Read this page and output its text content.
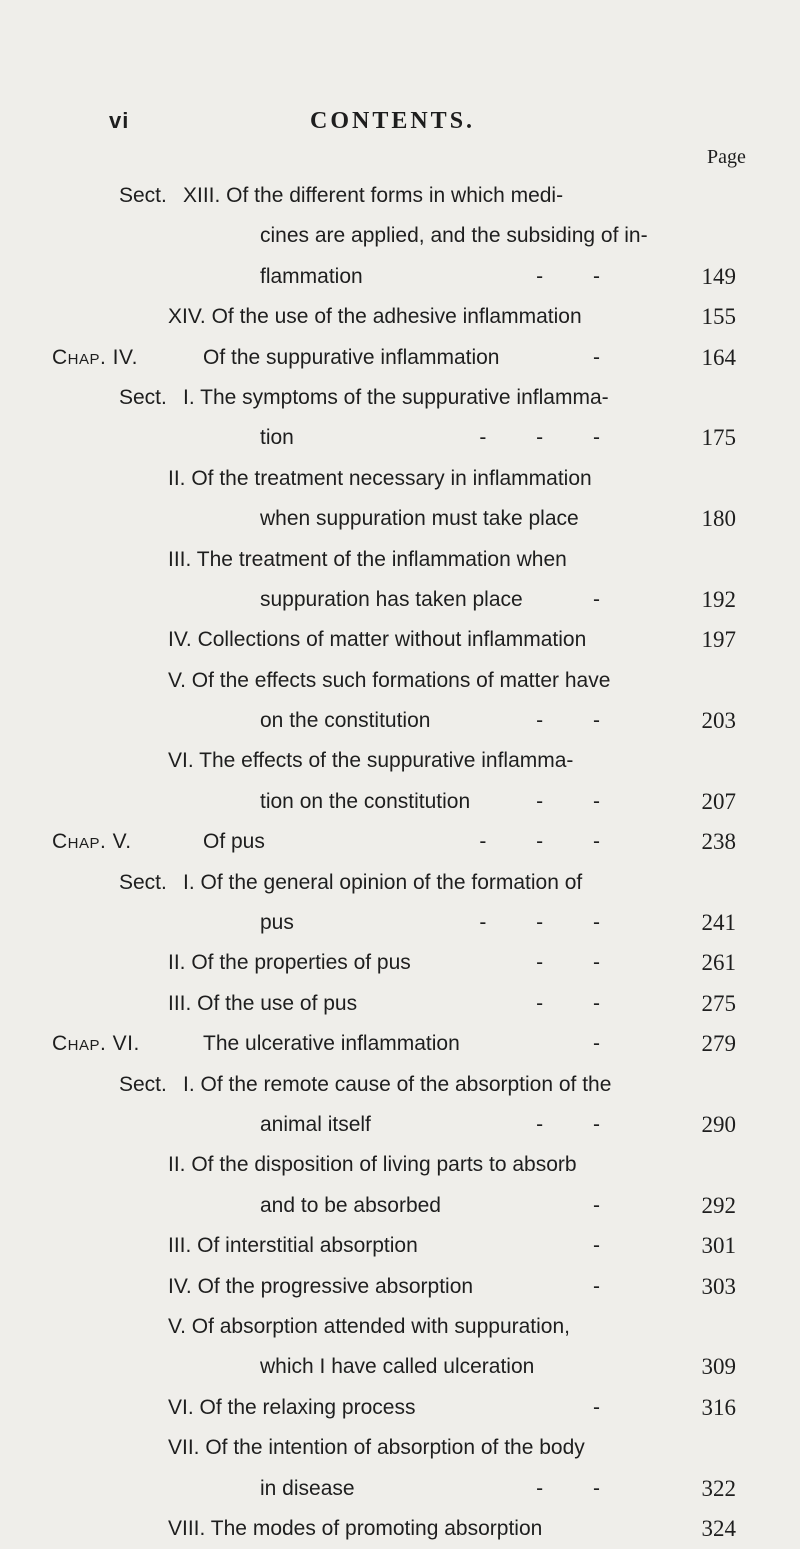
vi	CONTENTS.
Page
Sect. XIII. Of the different forms in which medi-
cines are applied, and the subsiding of in-
flammation	- -	149
XIV. Of the use of the adhesive inflammation	155
Chap. IV.	Of the suppurative inflammation	-	164
Sect. I. The symptoms of the suppurative inflamma-
tion	- - -	175
II. Of the treatment necessary in inflammation
when suppuration must take place	180
III. The treatment of the inflammation when
suppuration has taken place	-	192
IV. Collections of matter without inflammation	197
V. Of the effects such formations of matter have
on the constitution	- -	203
VI. The effects of the suppurative inflamma-
tion on the constitution	- -	207
Chap. V.	Of pus	- - -	238
Sect. I. Of the general opinion of the formation of
pus	- - -	241
II. Of the properties of pus	- -	261
III. Of the use of pus	- -	275
Chap. VI.	The ulcerative inflammation	-	279
Sect. I. Of the remote cause of the absorption of the
animal itself	- -	290
II. Of the disposition of living parts to absorb
and to be absorbed	-	292
III. Of interstitial absorption	-	301
IV. Of the progressive absorption	-	303
V. Of absorption attended with suppuration,
which I have called ulceration	309
VI. Of the relaxing process	-	316
VII. Of the intention of absorption of the body
in disease	- -	322
VIII. The modes of promoting absorption	324
